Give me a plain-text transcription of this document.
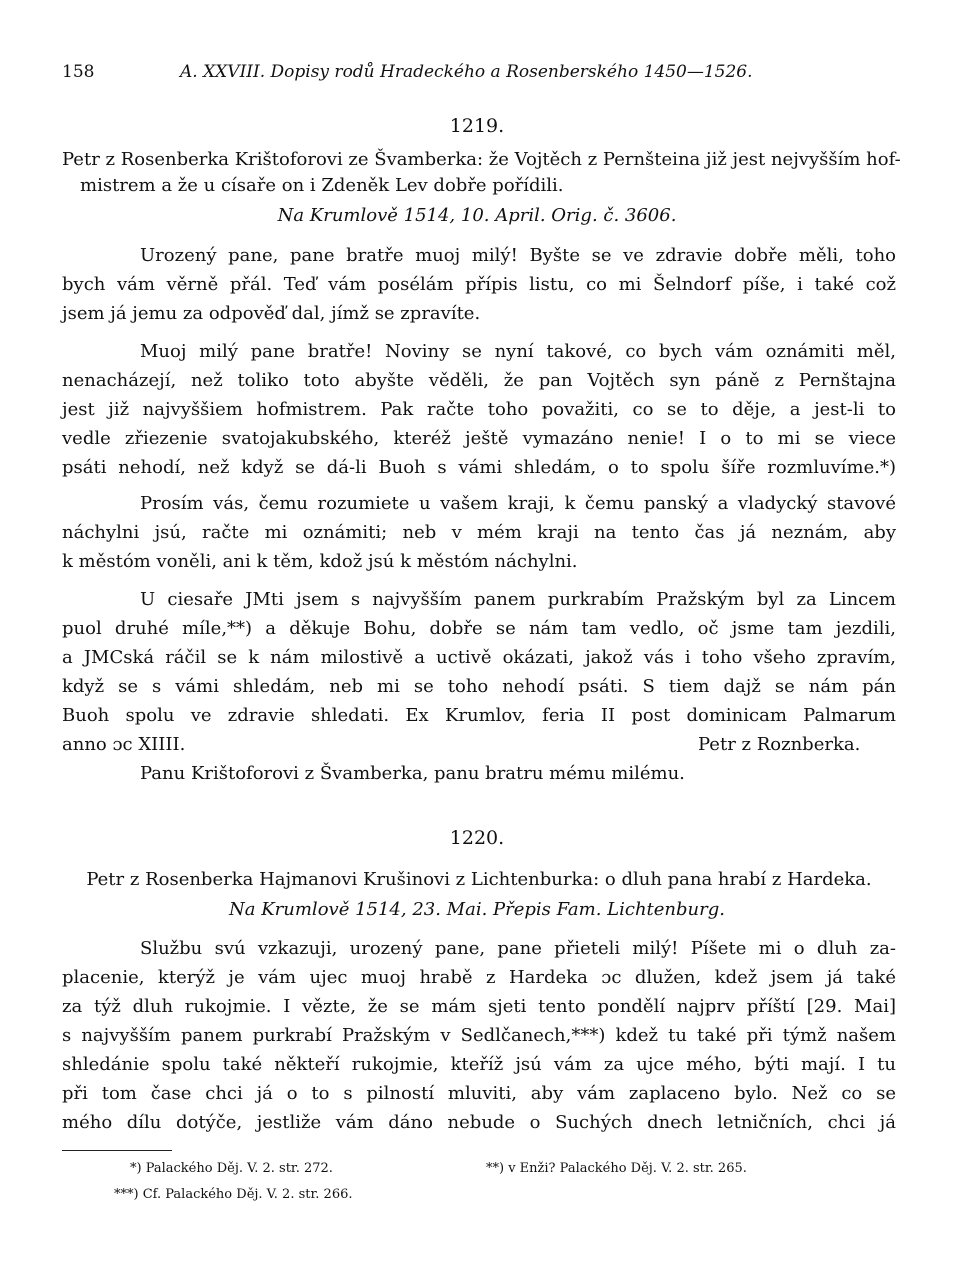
158	A. XXVIII. Dopisy rodů Hradeckého a Rosenberského 1450—1526.
1219.
Petr z Rosenberka Krištoforovi ze Švamberka: že Vojtěch z Pernšteina již jest nejvyšším hof-
mistrem a že u císaře on i Zdeněk Lev dobře pořídili.
Na Krumlově 1514, 10. April. Orig. č. 3606.
Urozený pane, pane bratře muoj milý! Byšte se ve zdravie dobře měli, toho
bych vám věrně přál. Teď vám posélám přípis listu, co mi Šelndorf píše, i také což
jsem já jemu za odpověď dal, jímž se zpravíte.
Muoj milý pane bratře! Noviny se nyní takové, co bych vám oznámiti měl,
nenacházejí, než toliko toto abyšte věděli, že pan Vojtěch syn páně z Pernštajna
jest již najvyššiem hofmistrem. Pak račte toho považiti, co se to děje, a jest-li to
vedle zřiezenie svatojakubského, kteréž ještě vymazáno nenie! I o to mi se viece
psáti nehodí, než když se dá-li Buoh s vámi shledám, o to spolu šíře rozmluvíme.*)
Prosím vás, čemu rozumiete u vašem kraji, k čemu panský a vladycký stavové
náchylni jsú, račte mi oznámiti; neb v mém kraji na tento čas já neznám, aby
k městóm voněli, ani k těm, kdož jsú k městóm náchylni.
U ciesaře JMti jsem s najvyšším panem purkrabím Pražským byl za Lincem
puol druhé míle,**) a děkuje Bohu, dobře se nám tam vedlo, oč jsme tam jezdili,
a JMCská ráčil se k nám milostivě a uctivě okázati, jakož vás i toho všeho zpravím,
když se s vámi shledám, neb mi se toho nehodí psáti. S tiem dajž se nám pán
Buoh spolu ve zdravie shledati. Ex Krumlov, feria II post dominicam Palmarum
anno ɔc XIIII.	Petr z Roznberka.
Panu Krištoforovi z Švamberka, panu bratru mému milému.
1220.
Petr z Rosenberka Hajmanovi Krušinovi z Lichtenburka: o dluh pana hrabí z Hardeka.
Na Krumlově 1514, 23. Mai. Přepis Fam. Lichtenburg.
Službu svú vzkazuji, urozený pane, pane přieteli milý! Píšete mi o dluh za-
placenie, kterýž je vám ujec muoj hrabě z Hardeka ɔc dlužen, kdež jsem já také
za týž dluh rukojmie. I vězte, že se mám sjeti tento pondělí najprv příští [29. Mai]
s najvyšším panem purkrabí Pražským v Sedlčanech,***) kdež tu také při týmž našem
shledánie spolu také někteří rukojmie, kteříž jsú vám za ujce mého, býti mají. I tu
při tom čase chci já o to s pilností mluviti, aby vám zaplaceno bylo. Než co se
mého dílu dotýče, jestliže vám dáno nebude o Suchých dnech letničních, chci já
*) Palackého Děj. V. 2. str. 272.	**) v Enži? Palackého Děj. V. 2. str. 265.
***) Cf. Palackého Děj. V. 2. str. 266.
